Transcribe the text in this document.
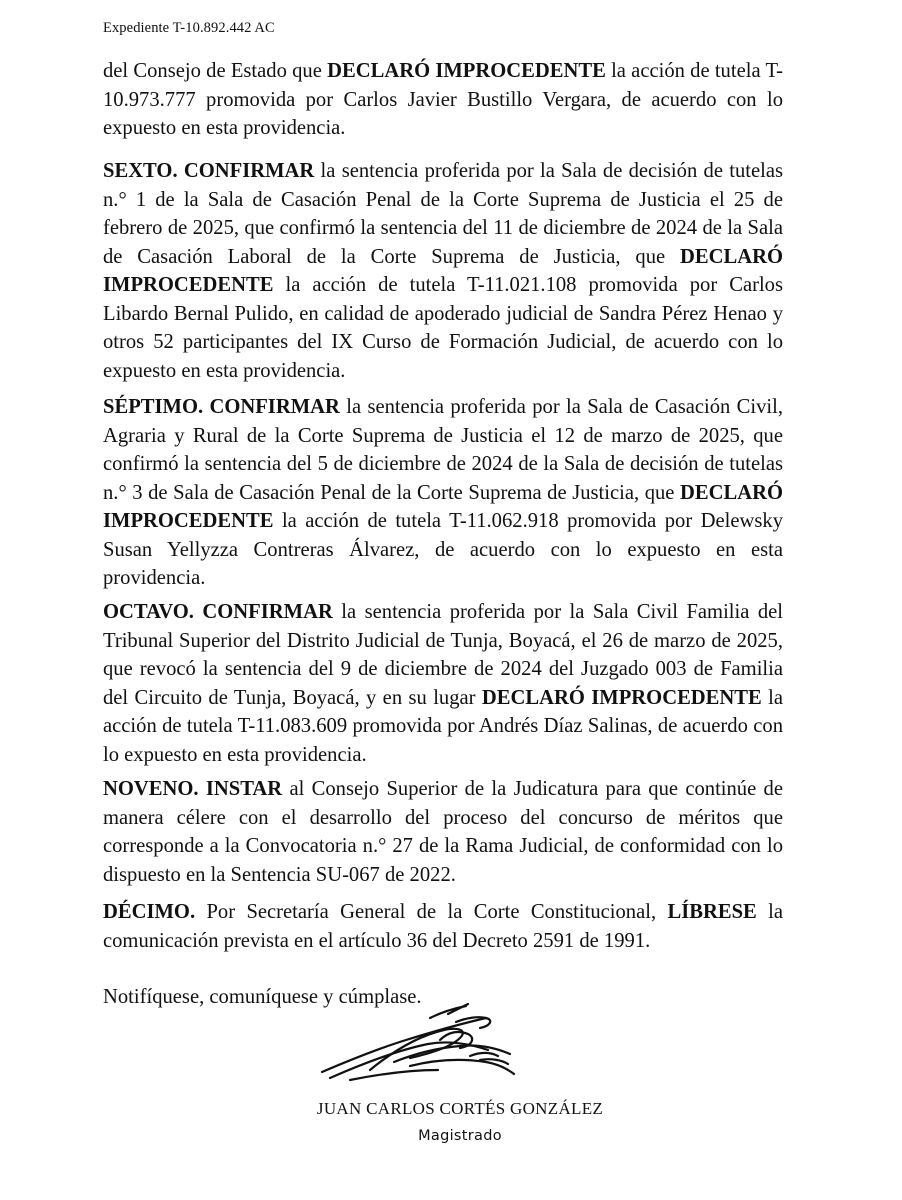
Expediente T-10.892.442 AC

del Consejo de Estado que DECLARÓ IMPROCEDENTE la acción de tutela T-10.973.777 promovida por Carlos Javier Bustillo Vergara, de acuerdo con lo expuesto en esta providencia.

SEXTO. CONFIRMAR la sentencia proferida por la Sala de decisión de tutelas n.° 1 de la Sala de Casación Penal de la Corte Suprema de Justicia el 25 de febrero de 2025, que confirmó la sentencia del 11 de diciembre de 2024 de la Sala de Casación Laboral de la Corte Suprema de Justicia, que DECLARÓ IMPROCEDENTE la acción de tutela T-11.021.108 promovida por Carlos Libardo Bernal Pulido, en calidad de apoderado judicial de Sandra Pérez Henao y otros 52 participantes del IX Curso de Formación Judicial, de acuerdo con lo expuesto en esta providencia.

SÉPTIMO. CONFIRMAR la sentencia proferida por la Sala de Casación Civil, Agraria y Rural de la Corte Suprema de Justicia el 12 de marzo de 2025, que confirmó la sentencia del 5 de diciembre de 2024 de la Sala de decisión de tutelas n.° 3 de Sala de Casación Penal de la Corte Suprema de Justicia, que DECLARÓ IMPROCEDENTE la acción de tutela T-11.062.918 promovida por Delewsky Susan Yellyzza Contreras Álvarez, de acuerdo con lo expuesto en esta providencia.

OCTAVO. CONFIRMAR la sentencia proferida por la Sala Civil Familia del Tribunal Superior del Distrito Judicial de Tunja, Boyacá, el 26 de marzo de 2025, que revocó la sentencia del 9 de diciembre de 2024 del Juzgado 003 de Familia del Circuito de Tunja, Boyacá, y en su lugar DECLARÓ IMPROCEDENTE la acción de tutela T-11.083.609 promovida por Andrés Díaz Salinas, de acuerdo con lo expuesto en esta providencia.

NOVENO. INSTAR al Consejo Superior de la Judicatura para que continúe de manera célere con el desarrollo del proceso del concurso de méritos que corresponde a la Convocatoria n.° 27 de la Rama Judicial, de conformidad con lo dispuesto en la Sentencia SU-067 de 2022.

DÉCIMO. Por Secretaría General de la Corte Constitucional, LÍBRESE la comunicación prevista en el artículo 36 del Decreto 2591 de 1991.

Notifíquese, comuníquese y cúmplase.

JUAN CARLOS CORTÉS GONZÁLEZ
Magistrado
